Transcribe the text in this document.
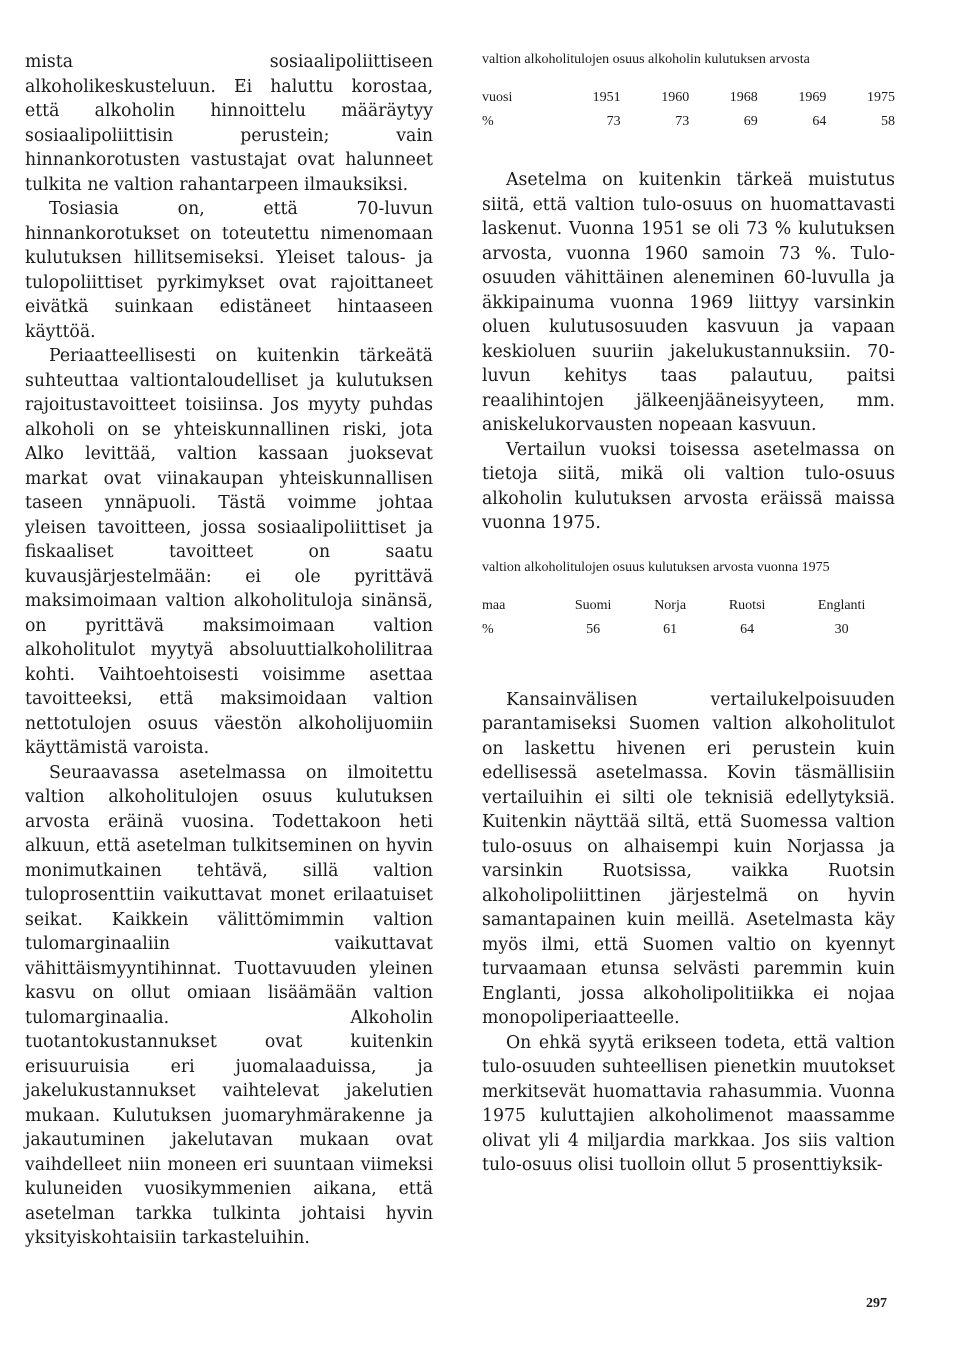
mista sosiaalipoliittiseen alkoholikeskusteluun. Ei haluttu korostaa, että alkoholin hinnoittelu määräytyy sosiaalipoliittisin perustein; vain hinnankorotusten vastustajat ovat halunneet tulkita ne valtion rahantarpeen ilmauksiksi.

Tosiasia on, että 70-luvun hinnankorotukset on toteutettu nimenomaan kulutuksen hillitsemiseksi. Yleiset talous- ja tulopoliittiset pyrkimykset ovat rajoittaneet eivätkä suinkaan edistäneet hintaaseen käyttöä.

Periaatteellisesti on kuitenkin tärkeätä suhteuttaa valtiontaloudelliset ja kulutuksen rajoitustavoitteet toisiinsa. Jos myyty puhdas alkoholi on se yhteiskunnallinen riski, jota Alko levittää, valtion kassaan juoksevat markat ovat viinakaupan yhteiskunnallisen taseen ynnäpuoli. Tästä voimme johtaa yleisen tavoitteen, jossa sosiaalipoliittiset ja fiskaaliset tavoitteet on saatu kuvausjärjestelmään: ei ole pyrittävä maksimoimaan valtion alkoholituloja sinänsä, on pyrittävä maksimoimaan valtion alkoholitulot myytyä absoluuttialkoholilitraa kohti. Vaihtoehtoisesti voisimme asettaa tavoitteeksi, että maksimoidaan valtion nettotulojen osuus väestön alkoholijuomiin käyttämistä varoista.

Seuraavassa asetelmassa on ilmoitettu valtion alkoholitulojen osuus kulutuksen arvosta eräinä vuosina. Todettakoon heti alkuun, että asetelman tulkitseminen on hyvin monimutkainen tehtävä, sillä valtion tuloprosenttiin vaikuttavat monet erilaatuiset seikat. Kaikkein välittömimmin valtion tulomarginaaliin vaikuttavat vähittäismyyntihinnat. Tuottavuuden yleinen kasvu on ollut omiaan lisäämään valtion tulomarginaalia. Alkoholin tuotantokustannukset ovat kuitenkin erisuuruisia eri juomalaaduissa, ja jakelukustannukset vaihtelevat jakelutien mukaan. Kulutuksen juomaryhmärakenne ja jakautuminen jakelutavan mukaan ovat vaihdelleet niin moneen eri suuntaan viimeksi kuluneiden vuosikymmenien aikana, että asetelman tarkka tulkinta johtaisi hyvin yksityiskohtaisiin tarkasteluihin.

valtion alkoholitulojen osuus alkoholin kulutuksen arvosta

vuosi	1951	1960	1968	1969	1975
%	73	73	69	64	58

Asetelma on kuitenkin tärkeä muistutus siitä, että valtion tulo-osuus on huomattavasti laskenut. Vuonna 1951 se oli 73 % kulutuksen arvosta, vuonna 1960 samoin 73 %. Tulo-osuuden vähittäinen aleneminen 60-luvulla ja äkkipainuma vuonna 1969 liittyy varsinkin oluen kulutusosuuden kasvuun ja vapaan keskioluen suuriin jakelukustannuksiin. 70-luvun kehitys taas palautuu, paitsi reaalihintojen jälkeenjääneisyyteen, mm. aniskelukorvausten nopeaan kasvuun.

Vertailun vuoksi toisessa asetelmassa on tietoja siitä, mikä oli valtion tulo-osuus alkoholin kulutuksen arvosta eräissä maissa vuonna 1975.

valtion alkoholitulojen osuus kulutuksen arvosta vuonna 1975

maa	Suomi	Norja	Ruotsi	Englanti
%	56	61	64	30

Kansainvälisen vertailukelpoisuuden parantamiseksi Suomen valtion alkoholitulot on laskettu hivenen eri perustein kuin edellisessä asetelmassa. Kovin täsmällisiin vertailuihin ei silti ole teknisiä edellytyksiä. Kuitenkin näyttää siltä, että Suomessa valtion tulo-osuus on alhaisempi kuin Norjassa ja varsinkin Ruotsissa, vaikka Ruotsin alkoholipoliittinen järjestelmä on hyvin samantapainen kuin meillä. Asetelmasta käy myös ilmi, että Suomen valtio on kyennyt turvaamaan etunsa selvästi paremmin kuin Englanti, jossa alkoholipolitiikka ei nojaa monopoliperiaatteelle.

On ehkä syytä erikseen todeta, että valtion tulo-osuuden suhteellisen pienetkin muutokset merkitsevät huomattavia rahasummia. Vuonna 1975 kuluttajien alkoholimenot maassamme olivat yli 4 miljardia markkaa. Jos siis valtion tulo-osuus olisi tuolloin ollut 5 prosenttiyksik-

297
